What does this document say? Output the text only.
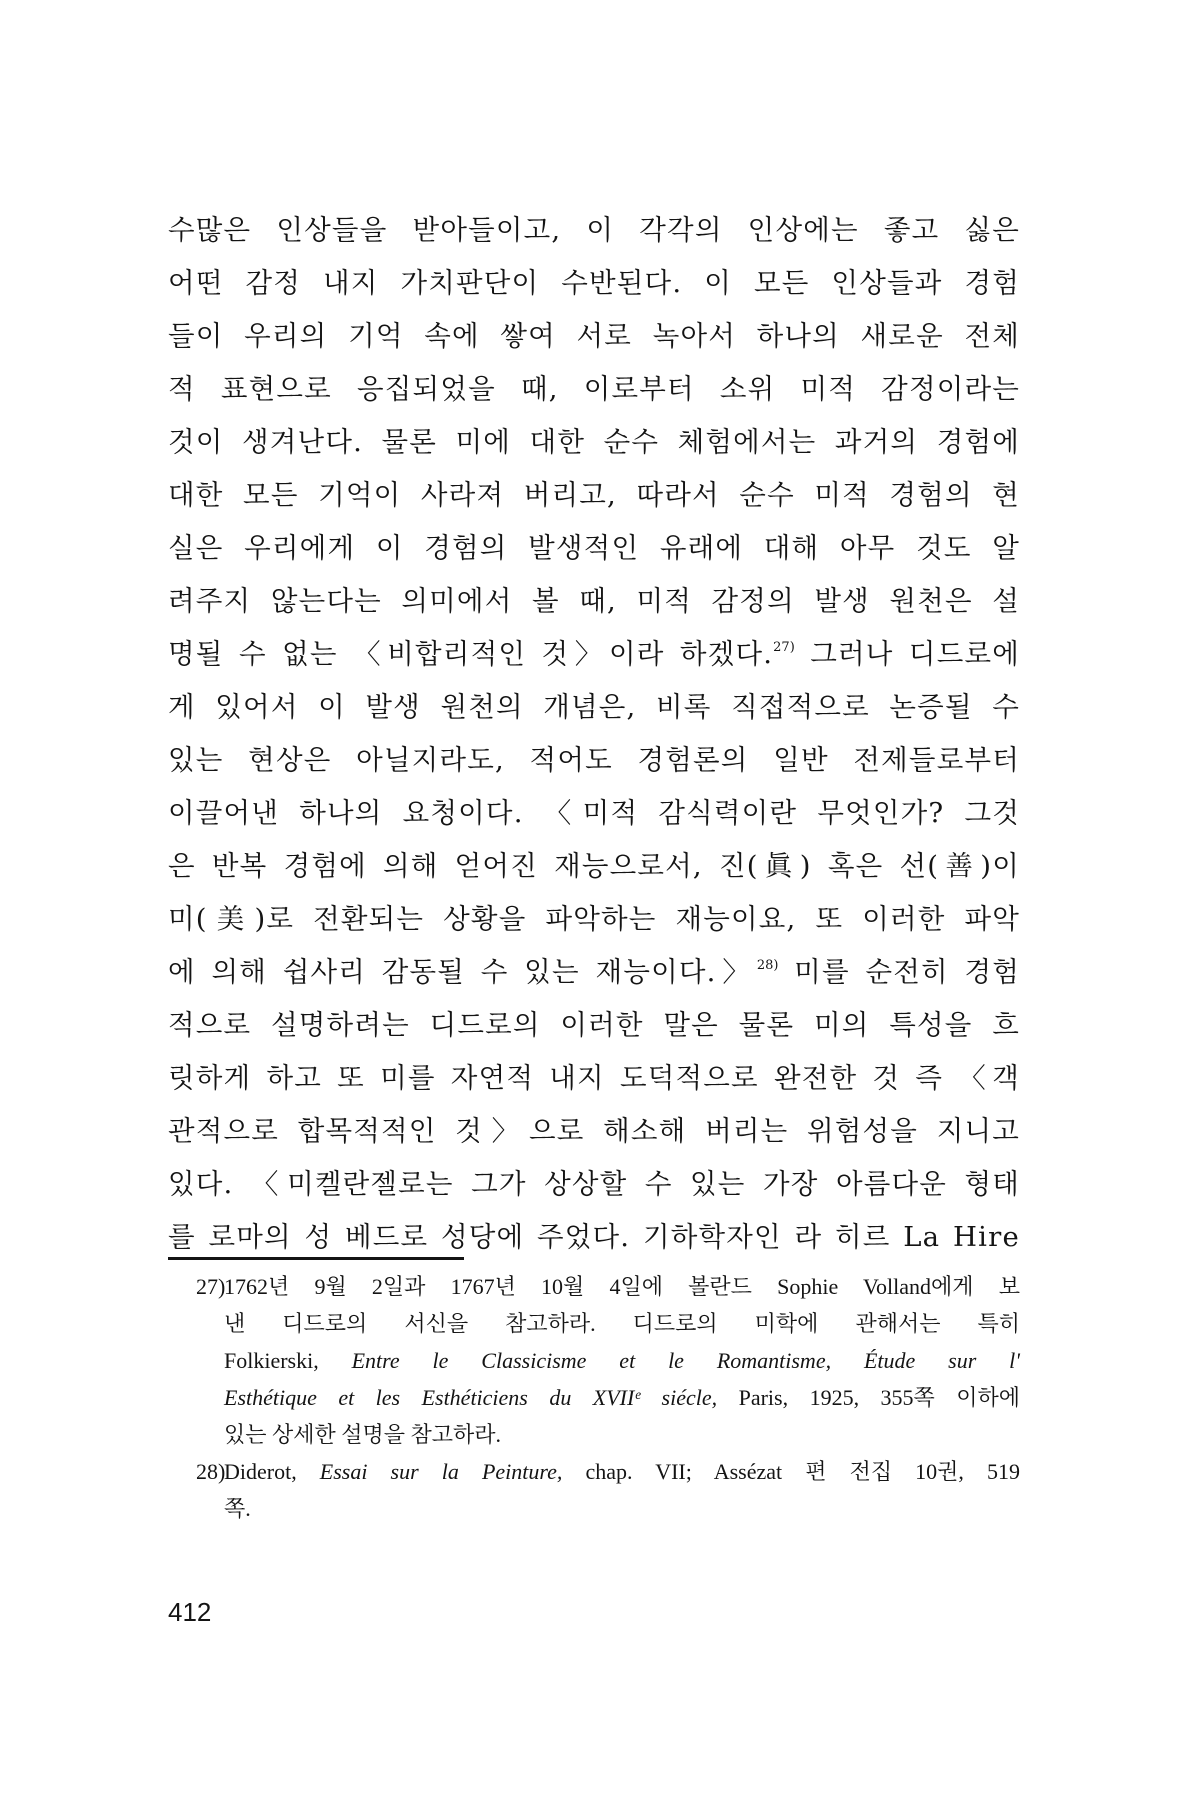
수많은 인상들을 받아들이고, 이 각각의 인상에는 좋고 싫은
어떤 감정 내지 가치판단이 수반된다. 이 모든 인상들과 경험
들이 우리의 기억 속에 쌓여 서로 녹아서 하나의 새로운 전체
적 표현으로 응집되었을 때, 이로부터 소위 미적 감정이라는
것이 생겨난다. 물론 미에 대한 순수 체험에서는 과거의 경험에
대한 모든 기억이 사라져 버리고, 따라서 순수 미적 경험의 현
실은 우리에게 이 경험의 발생적인 유래에 대해 아무 것도 알
려주지 않는다는 의미에서 볼 때, 미적 감정의 발생 원천은 설
명될 수 없는 〈비합리적인 것〉이라 하겠다.$^{27)}$ 그러나 디드로에
게 있어서 이 발생 원천의 개념은, 비록 직접적으로 논증될 수
있는 현상은 아닐지라도, 적어도 경험론의 일반 전제들로부터
이끌어낸 하나의 요청이다. 〈미적 감식력이란 무엇인가? 그것
은 반복 경험에 의해 얻어진 재능으로서, 진(眞) 혹은 선(善)이
미(美)로 전환되는 상황을 파악하는 재능이요, 또 이러한 파악
에 의해 쉽사리 감동될 수 있는 재능이다.〉$^{28)}$ 미를 순전히 경험
적으로 설명하려는 디드로의 이러한 말은 물론 미의 특성을 흐
릿하게 하고 또 미를 자연적 내지 도덕적으로 완전한 것 즉 〈객
관적으로 합목적적인 것〉으로 해소해 버리는 위험성을 지니고
있다. 〈미켈란젤로는 그가 상상할 수 있는 가장 아름다운 형태
를 로마의 성 베드로 성당에 주었다. 기하학자인 라 히르 La Hire
27)
1762년 9월 2일과 1767년 10월 4일에 볼란드 Sophie Volland에게 보
낸 디드로의 서신을 참고하라. 디드로의 미학에 관해서는 특히
Folkierski, Entre le Classicisme et le Romantisme, Étude sur l'
Esthétique et les Esthéticiens du XVIIᵉ siécle, Paris, 1925, 355쪽 이하에
있는 상세한 설명을 참고하라.
28)
Diderot, Essai sur la Peinture, chap. VII; Assézat 편 전집 10권, 519
쪽.
412
